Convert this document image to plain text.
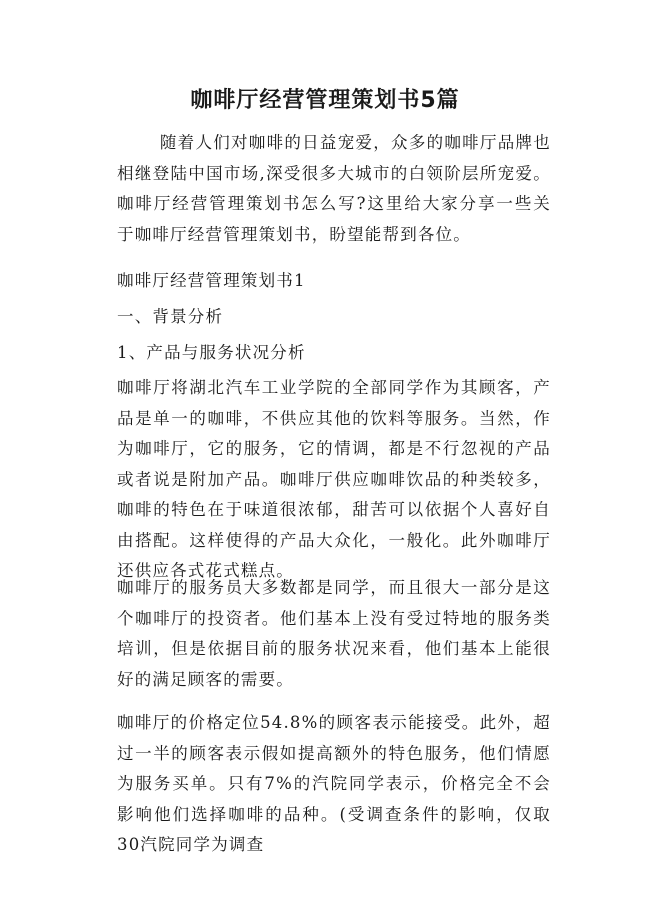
咖啡厅经营管理策划书5篇

随着人们对咖啡的日益宠爱，众多的咖啡厅品牌也相继登陆中国市场,深受很多大城市的白领阶层所宠爱。咖啡厅经营管理策划书怎么写?这里给大家分享一些关于咖啡厅经营管理策划书，盼望能帮到各位。

咖啡厅经营管理策划书1

一、背景分析

1、产品与服务状况分析

咖啡厅将湖北汽车工业学院的全部同学作为其顾客，产品是单一的咖啡，不供应其他的饮料等服务。当然，作为咖啡厅，它的服务，它的情调，都是不行忽视的产品或者说是附加产品。咖啡厅供应咖啡饮品的种类较多，咖啡的特色在于味道很浓郁，甜苦可以依据个人喜好自由搭配。这样使得的产品大众化，一般化。此外咖啡厅还供应各式花式糕点。

咖啡厅的服务员大多数都是同学，而且很大一部分是这个咖啡厅的投资者。他们基本上没有受过特地的服务类培训，但是依据目前的服务状况来看，他们基本上能很好的满足顾客的需要。

咖啡厅的价格定位54.8%的顾客表示能接受。此外，超过一半的顾客表示假如提高额外的特色服务，他们情愿为服务买单。只有7%的汽院同学表示，价格完全不会影响他们选择咖啡的品种。(受调查条件的影响，仅取30汽院同学为调查
